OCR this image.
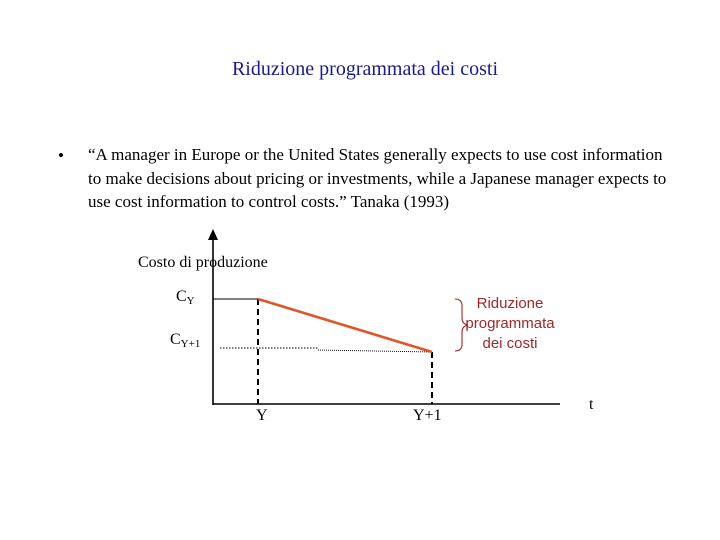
Riduzione programmata dei costi
• “A manager in Europe or the United States generally expects to use cost information to make decisions about pricing or investments, while a Japanese manager expects to use cost information to control costs.” Tanaka (1993)
Costo di produzione
$C_Y$
$C_{Y+1}$
Y	Y+1
t
Riduzione programmata dei costi
